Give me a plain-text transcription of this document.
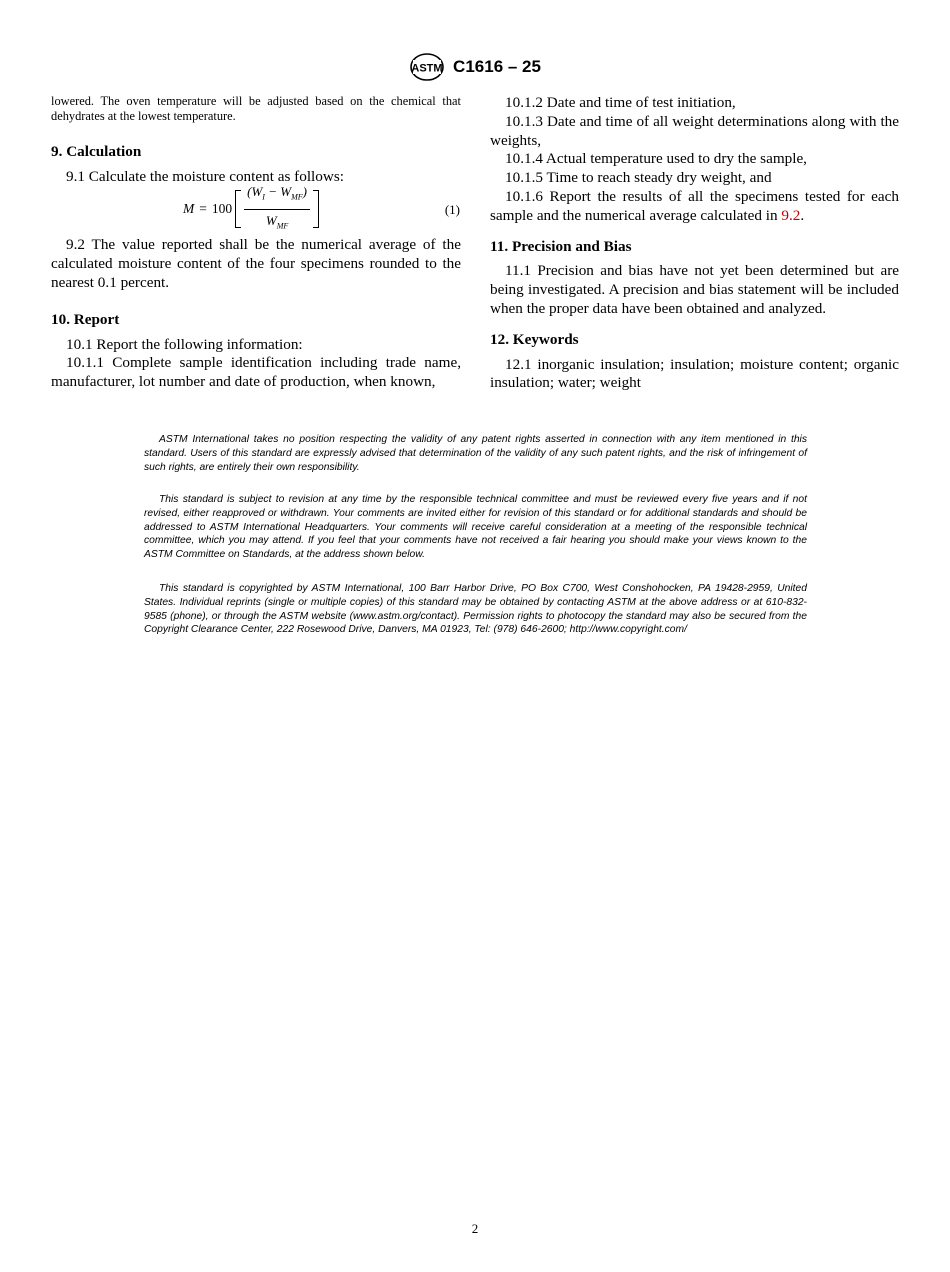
ASTM C1616 – 25

lowered. The oven temperature will be adjusted based on the chemical that dehydrates at the lowest temperature.

9. Calculation

9.1 Calculate the moisture content as follows:

$M = 100 \frac{(W_I - W_{MF})}{W_{MF}}$	(1)

9.2 The value reported shall be the numerical average of the calculated moisture content of the four specimens rounded to the nearest 0.1 percent.

10. Report

10.1 Report the following information:

10.1.1 Complete sample identification including trade name, manufacturer, lot number and date of production, when known,

10.1.2 Date and time of test initiation,

10.1.3 Date and time of all weight determinations along with the weights,

10.1.4 Actual temperature used to dry the sample,

10.1.5 Time to reach steady dry weight, and

10.1.6 Report the results of all the specimens tested for each sample and the numerical average calculated in 9.2.

11. Precision and Bias

11.1 Precision and bias have not yet been determined but are being investigated. A precision and bias statement will be included when the proper data have been obtained and analyzed.

12. Keywords

12.1 inorganic insulation; insulation; moisture content; organic insulation; water; weight

ASTM International takes no position respecting the validity of any patent rights asserted in connection with any item mentioned in this standard. Users of this standard are expressly advised that determination of the validity of any such patent rights, and the risk of infringement of such rights, are entirely their own responsibility.

This standard is subject to revision at any time by the responsible technical committee and must be reviewed every five years and if not revised, either reapproved or withdrawn. Your comments are invited either for revision of this standard or for additional standards and should be addressed to ASTM International Headquarters. Your comments will receive careful consideration at a meeting of the responsible technical committee, which you may attend. If you feel that your comments have not received a fair hearing you should make your views known to the ASTM Committee on Standards, at the address shown below.

This standard is copyrighted by ASTM International, 100 Barr Harbor Drive, PO Box C700, West Conshohocken, PA 19428-2959, United States. Individual reprints (single or multiple copies) of this standard may be obtained by contacting ASTM at the above address or at 610-832-9585 (phone), or through the ASTM website (www.astm.org/contact). Permission rights to photocopy the standard may also be secured from the Copyright Clearance Center, 222 Rosewood Drive, Danvers, MA 01923, Tel: (978) 646-2600; http://www.copyright.com/

2
